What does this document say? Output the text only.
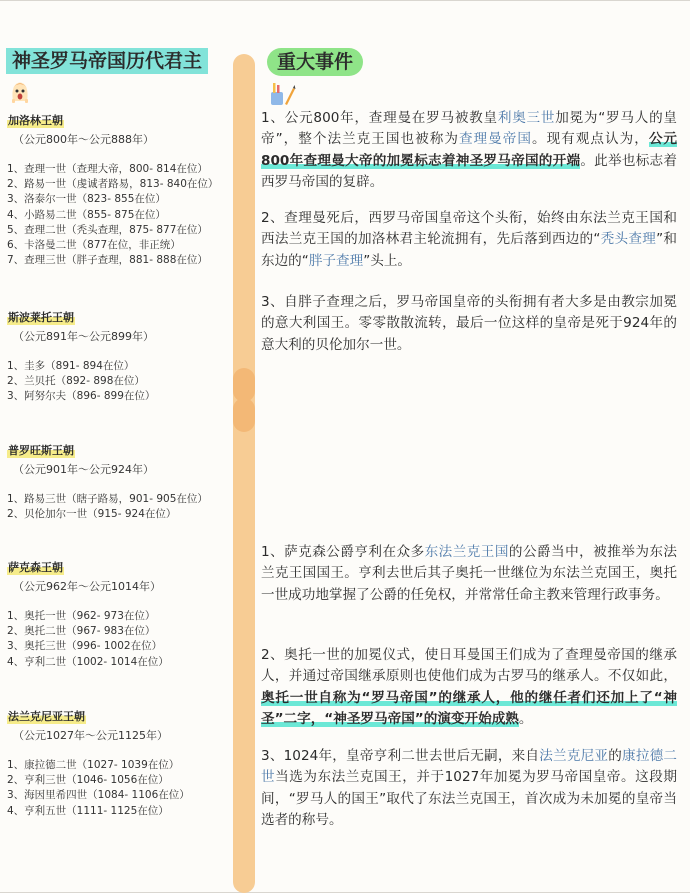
神圣罗马帝国历代君主
加洛林王朝
（公元800年～公元888年）
1、查理一世（查理大帝，800- 814在位）
2、路易一世（虔诚者路易，813- 840在位）
3、洛泰尔一世（823- 855在位）
4、小路易二世（855- 875在位）
5、查理二世（秃头查理，875- 877在位）
6、卡洛曼二世（877在位，非正统）
7、查理三世（胖子查理，881- 888在位）
斯波莱托王朝
（公元891年～公元899年）
1、圭多（891- 894在位）
2、兰贝托（892- 898在位）
3、阿努尔夫（896- 899在位）
普罗旺斯王朝
（公元901年～公元924年）
1、路易三世（瞎子路易，901- 905在位）
2、贝伦加尔一世（915- 924在位）
萨克森王朝
（公元962年～公元1014年）
1、奥托一世（962- 973在位）
2、奥托二世（967- 983在位）
3、奥托三世（996- 1002在位）
4、亨利二世（1002- 1014在位）
法兰克尼亚王朝
（公元1027年～公元1125年）
1、康拉德二世（1027- 1039在位）
2、亨利三世（1046- 1056在位）
3、海因里希四世（1084- 1106在位）
4、亨利五世（1111- 1125在位）
重大事件
1、公元800年，查理曼在罗马被教皇利奥三世加冕为“罗马人的皇帝”，整个法兰克王国也被称为查理曼帝国。现有观点认为，公元800年查理曼大帝的加冕标志着神圣罗马帝国的开端。此举也标志着西罗马帝国的复辟。
2、查理曼死后，西罗马帝国皇帝这个头衔，始终由东法兰克王国和西法兰克王国的加洛林君主轮流拥有，先后落到西边的“秃头查理”和东边的“胖子查理”头上。
3、自胖子查理之后，罗马帝国皇帝的头衔拥有者大多是由教宗加冕的意大利国王。零零散散流转，最后一位这样的皇帝是死于924年的意大利的贝伦加尔一世。
1、萨克森公爵亨利在众多东法兰克王国的公爵当中，被推举为东法兰克王国国王。亨利去世后其子奥托一世继位为东法兰克国王，奥托一世成功地掌握了公爵的任免权，并常常任命主教来管理行政事务。
2、奥托一世的加冕仪式，使日耳曼国王们成为了查理曼帝国的继承人，并通过帝国继承原则也使他们成为古罗马的继承人。不仅如此，奥托一世自称为“罗马帝国”的继承人，他的继任者们还加上了“神圣”二字，“神圣罗马帝国”的演变开始成熟。
3、1024年，皇帝亨利二世去世后无嗣，来自法兰克尼亚的康拉德二世当选为东法兰克国王，并于1027年加冕为罗马帝国皇帝。这段期间，“罗马人的国王”取代了东法兰克国王，首次成为未加冕的皇帝当选者的称号。
